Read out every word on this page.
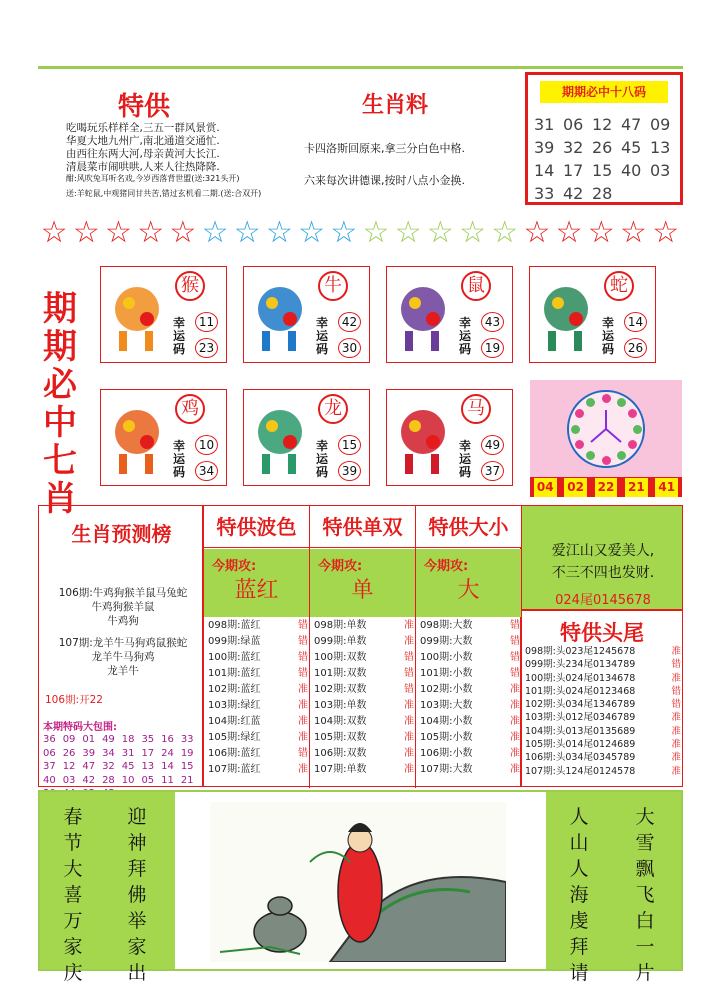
特供
吃喝玩乐样样全,三五一群风景赏.
华夏大地九州广,南北通道交通忙.
由西往东两大河,母亲黄河大长江.
清晨菜市闹哄哄,人来人往热降降.
酣:风吹兔耳听名戏,今岁西落背世盟(送:321头开)
送:羊蛇鼠,中观猪同甘共苦,错过玄机看二期.(送:合双开)
生肖料
卡四洛斯回原来,拿三分白色中格.
六来每次讲德课,按时八点小金换.
期期必中十八码
31 06 12 47 09
39 32 26 45 13
14 17 15 40 03
33 42 28
☆ ☆ ☆ ☆ ☆ ☆ ☆ ☆ ☆ ☆ ☆ ☆ ☆ ☆ ☆ ☆ ☆ ☆ ☆ ☆
期
期
必
中
七
肖
猴
幸
运
码
11
23
牛
幸
运
码
42
30
鼠
幸
运
码
43
19
蛇
幸
运
码
14
26
鸡
幸
运
码
10
34
龙
幸
运
码
15
39
马
幸
运
码
49
37
04 02 22 21 41
生肖预测榜
106期:牛鸡狗猴羊鼠马兔蛇
牛鸡狗猴羊鼠
牛鸡狗
107期:龙羊牛马狗鸡鼠猴蛇
龙羊牛马狗鸡
龙羊牛
106期:开22
本期特码大包围:
36 09 01 49 18 35 16 33
06 26 39 34 31 17 24 19
37 12 47 32 45 13 14 15
40 03 42 28 10 05 11 21
特供波色
今期攻:
蓝红
098期:蓝红	错
099期:绿蓝	错
100期:蓝红	错
101期:蓝红	错
102期:蓝红	准
103期:绿红	准
104期:红蓝	准
105期:绿红	准
106期:蓝红	错
107期:蓝红	准
特供单双
今期攻:
单
098期:单数	准
099期:单数	准
100期:双数	错
101期:双数	错
102期:双数	错
103期:单数	准
104期:双数	准
105期:双数	准
106期:双数	准
107期:单数	准
特供大小
今期攻:
大
098期:大数	错
099期:大数	错
100期:小数	错
101期:小数	错
102期:小数	准
103期:大数	准
104期:小数	准
105期:小数	准
106期:小数	准
107期:大数	准
爱江山又爱美人,
不三不四也发财.
024尾0145678
特供头尾
098期:头023尾1245678	准
099期:头234尾0134789	错
100期:头024尾0134678	准
101期:头024尾0123468	错
102期:头034尾1346789	错
103期:头012尾0346789	准
104期:头013尾0135689	准
105期:头014尾0124689	准
106期:头034尾0345789	准
107期:头124尾0124578	准
春
节
大
喜
万
家
庆
迎
神
拜
佛
举
家
出
人
山
人
海
虔
拜
请
大
雪
飘
飞
白
一
片
